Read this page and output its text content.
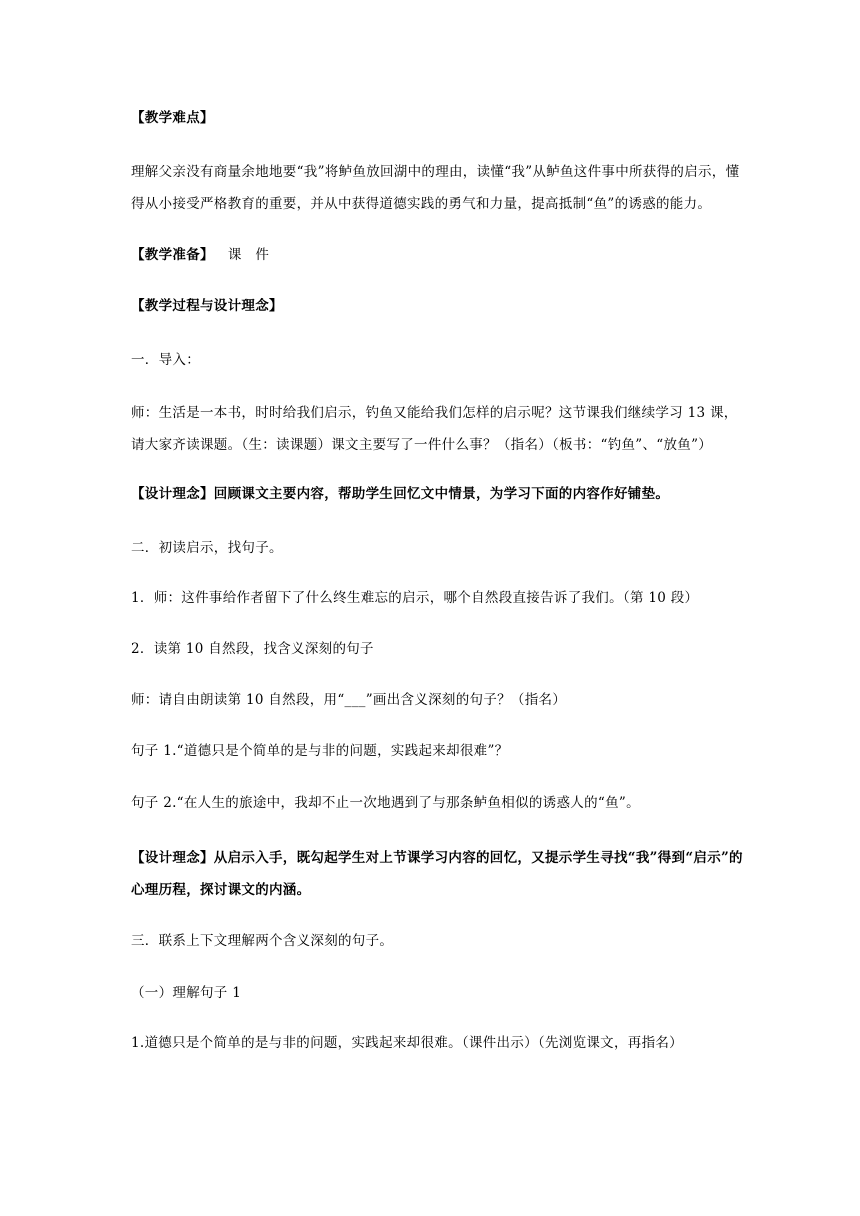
【教学难点】
理解父亲没有商量余地地要“我”将鲈鱼放回湖中的理由，读懂“我”从鲈鱼这件事中所获得的启示，懂得从小接受严格教育的重要，并从中获得道德实践的勇气和力量，提高抵制“鱼”的诱惑的能力。
【教学准备】 课　件
【教学过程与设计理念】
一．导入：
师：生活是一本书，时时给我们启示，钓鱼又能给我们怎样的启示呢？这节课我们继续学习 13 课，请大家齐读课题。（生：读课题）课文主要写了一件什么事？（指名）（板书：“钓鱼”、“放鱼”）
【设计理念】回顾课文主要内容，帮助学生回忆文中情景，为学习下面的内容作好铺垫。
二．初读启示，找句子。
1．师：这件事给作者留下了什么终生难忘的启示，哪个自然段直接告诉了我们。（第 10 段）
2．读第 10 自然段，找含义深刻的句子
师：请自由朗读第 10 自然段，用“___”画出含义深刻的句子？（指名）
句子 1.“道德只是个简单的是与非的问题，实践起来却很难”？
句子 2.“在人生的旅途中，我却不止一次地遇到了与那条鲈鱼相似的诱惑人的“鱼”。
【设计理念】从启示入手，既勾起学生对上节课学习内容的回忆，又提示学生寻找“我”得到“启示”的心理历程，探讨课文的内涵。
三．联系上下文理解两个含义深刻的句子。
（一）理解句子 1
1.道德只是个简单的是与非的问题，实践起来却很难。（课件出示）（先浏览课文，再指名）
